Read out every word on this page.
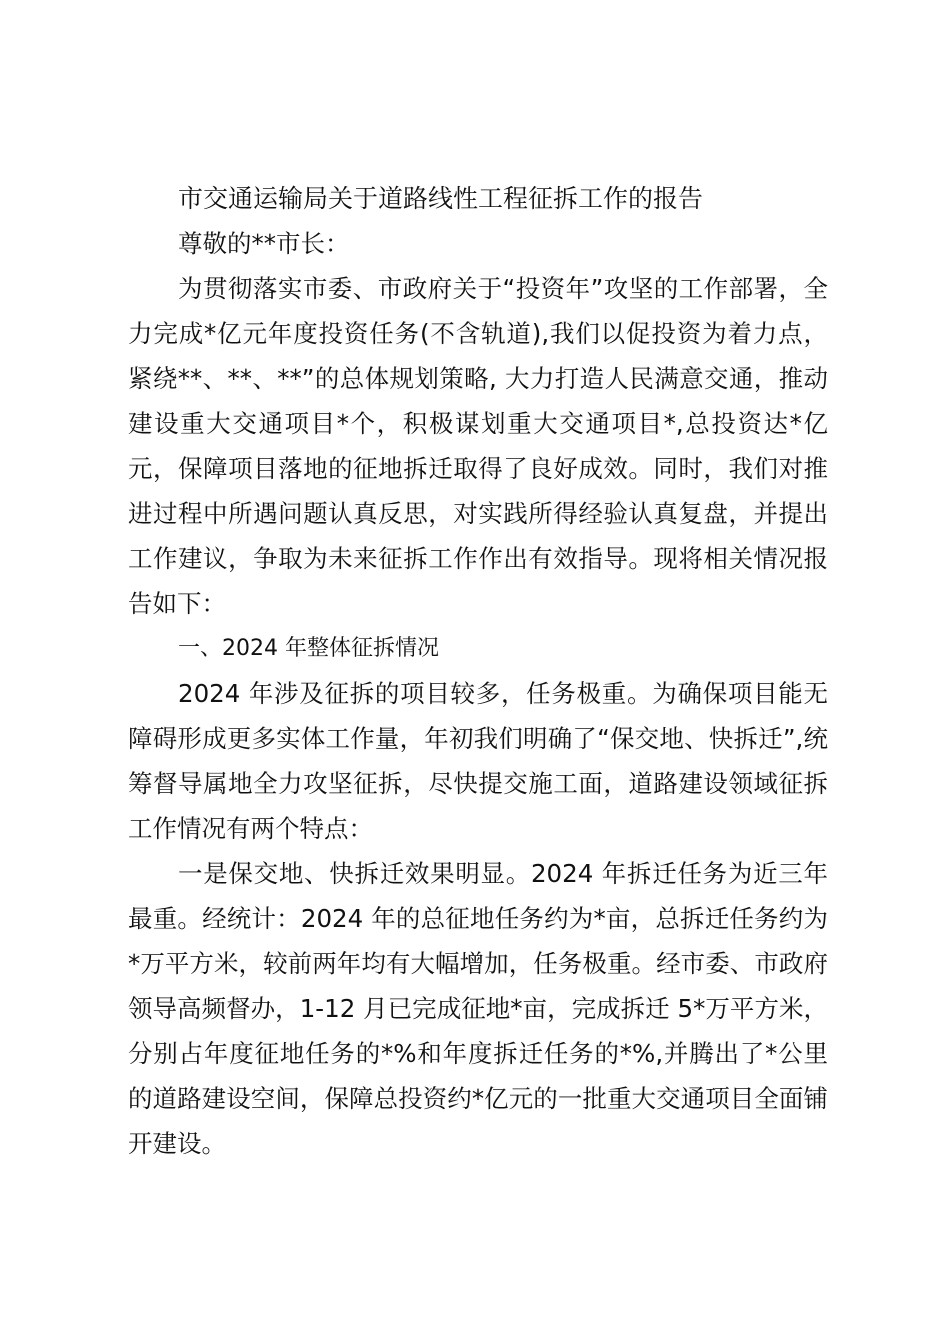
市交通运输局关于道路线性工程征拆工作的报告

尊敬的**市长：

为贯彻落实市委、市政府关于“投资年”攻坚的工作部署，全力完成*亿元年度投资任务(不含轨道),我们以促投资为着力点，紧绕**、**、**”的总体规划策略, 大力打造人民满意交通，推动建设重大交通项目*个，积极谋划重大交通项目*,总投资达*亿元，保障项目落地的征地拆迁取得了良好成效。同时，我们对推进过程中所遇问题认真反思，对实践所得经验认真复盘，并提出工作建议，争取为未来征拆工作作出有效指导。现将相关情况报告如下：

一、2024 年整体征拆情况

2024 年涉及征拆的项目较多，任务极重。为确保项目能无障碍形成更多实体工作量，年初我们明确了“保交地、快拆迁”,统筹督导属地全力攻坚征拆，尽快提交施工面，道路建设领域征拆工作情况有两个特点：

一是保交地、快拆迁效果明显。2024 年拆迁任务为近三年最重。经统计：2024 年的总征地任务约为*亩，总拆迁任务约为*万平方米，较前两年均有大幅增加，任务极重。经市委、市政府领导高频督办，1-12 月已完成征地*亩，完成拆迁 5*万平方米，分别占年度征地任务的*%和年度拆迁任务的*%,并腾出了*公里的道路建设空间，保障总投资约*亿元的一批重大交通项目全面铺开建设。
